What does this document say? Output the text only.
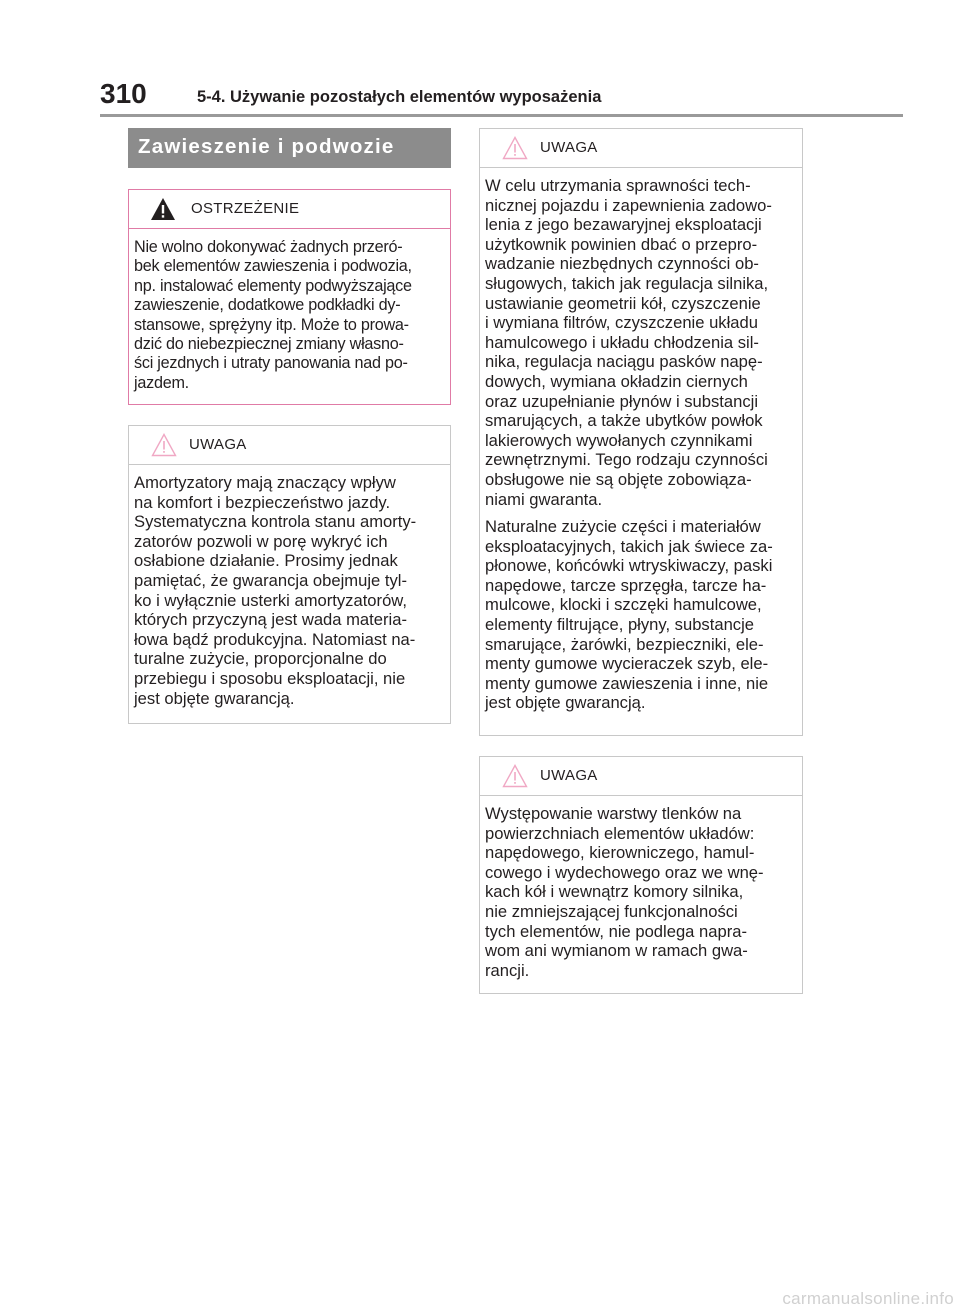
310	5-4. Używanie pozostałych elementów wyposażenia
Zawieszenie i podwozie
OSTRZEŻENIE

Nie wolno dokonywać żadnych przeró-
bek elementów zawieszenia i podwozia,
np. instalować elementy podwyższające
zawieszenie, dodatkowe podkładki dy-
stansowe, sprężyny itp. Może to prowa-
dzić do niebezpiecznej zmiany własno-
ści jezdnych i utraty panowania nad po-
jazdem.

UWAGA

Amortyzatory mają znaczący wpływ
na komfort i bezpieczeństwo jazdy.
Systematyczna kontrola stanu amorty-
zatorów pozwoli w porę wykryć ich
osłabione działanie. Prosimy jednak
pamiętać, że gwarancja obejmuje tyl-
ko i wyłącznie usterki amortyzatorów,
których przyczyną jest wada materia-
łowa bądź produkcyjna. Natomiast na-
turalne zużycie, proporcjonalne do
przebiegu i sposobu eksploatacji, nie
jest objęte gwarancją.

UWAGA

W celu utrzymania sprawności tech-
nicznej pojazdu i zapewnienia zadowo-
lenia z jego bezawaryjnej eksploatacji
użytkownik powinien dbać o przepro-
wadzanie niezbędnych czynności ob-
sługowych, takich jak regulacja silnika,
ustawianie geometrii kół, czyszczenie
i wymiana filtrów, czyszczenie układu
hamulcowego i układu chłodzenia sil-
nika, regulacja naciągu pasków napę-
dowych, wymiana okładzin ciernych
oraz uzupełnianie płynów i substancji
smarujących, a także ubytków powłok
lakierowych wywołanych czynnikami
zewnętrznymi. Tego rodzaju czynności
obsługowe nie są objęte zobowiąza-
niami gwaranta.

Naturalne zużycie części i materiałów
eksploatacyjnych, takich jak świece za-
płonowe, końcówki wtryskiwaczy, paski
napędowe, tarcze sprzęgła, tarcze ha-
mulcowe, klocki i szczęki hamulcowe,
elementy filtrujące, płyny, substancje
smarujące, żarówki, bezpieczniki, ele-
menty gumowe wycieraczek szyb, ele-
menty gumowe zawieszenia i inne, nie
jest objęte gwarancją.

UWAGA

Występowanie warstwy tlenków na
powierzchniach elementów układów:
napędowego, kierowniczego, hamul-
cowego i wydechowego oraz we wnę-
kach kół i wewnątrz komory silnika,
nie zmniejszającej funkcjonalności
tych elementów, nie podlega napra-
wom ani wymianom w ramach gwa-
rancji.

carmanualsonline.info
